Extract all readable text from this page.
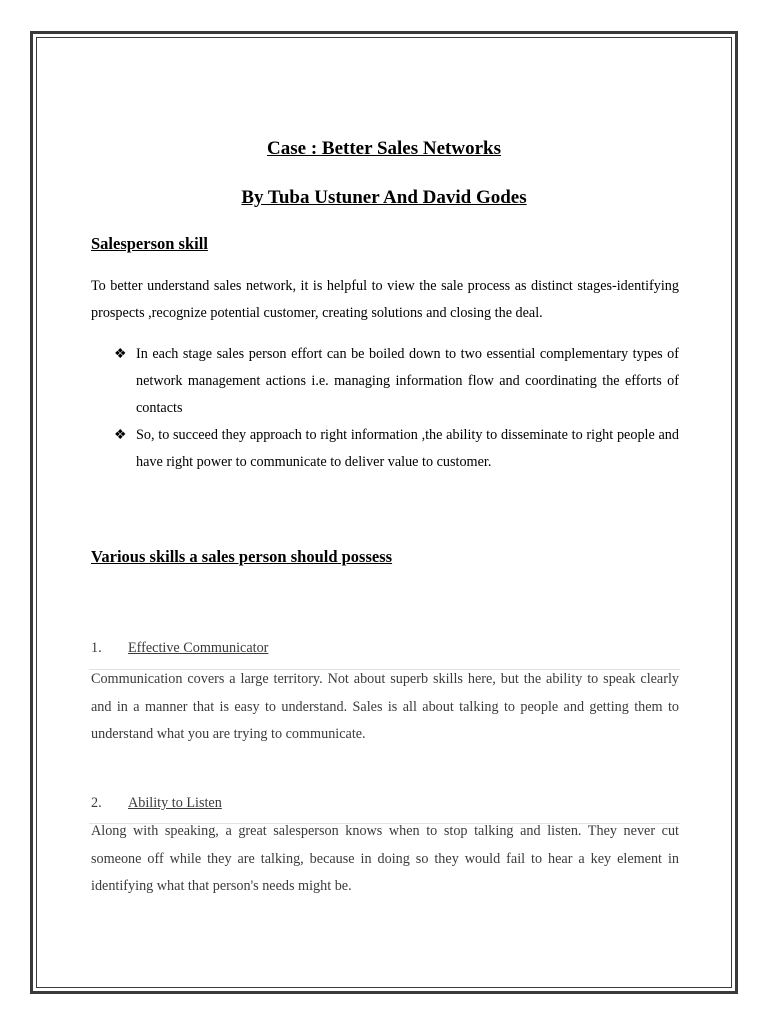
Case : Better Sales Networks
By Tuba Ustuner And David Godes
Salesperson skill
To better understand sales network, it is helpful to view the sale process as distinct stages-identifying prospects ,recognize potential customer, creating solutions and closing the deal.
❖ In each stage sales person effort can be boiled down to two essential complementary types of network management actions i.e. managing information flow and coordinating the efforts of contacts
❖ So, to succeed they approach to right information ,the ability to disseminate to right people and have right power to communicate to deliver value to customer.
Various skills a sales person should possess
1. Effective Communicator
Communication covers a large territory. Not about superb skills here, but the ability to speak clearly and in a manner that is easy to understand. Sales is all about talking to people and getting them to understand what you are trying to communicate.
2. Ability to Listen
Along with speaking, a great salesperson knows when to stop talking and listen. They never cut someone off while they are talking, because in doing so they would fail to hear a key element in identifying what that person's needs might be.
